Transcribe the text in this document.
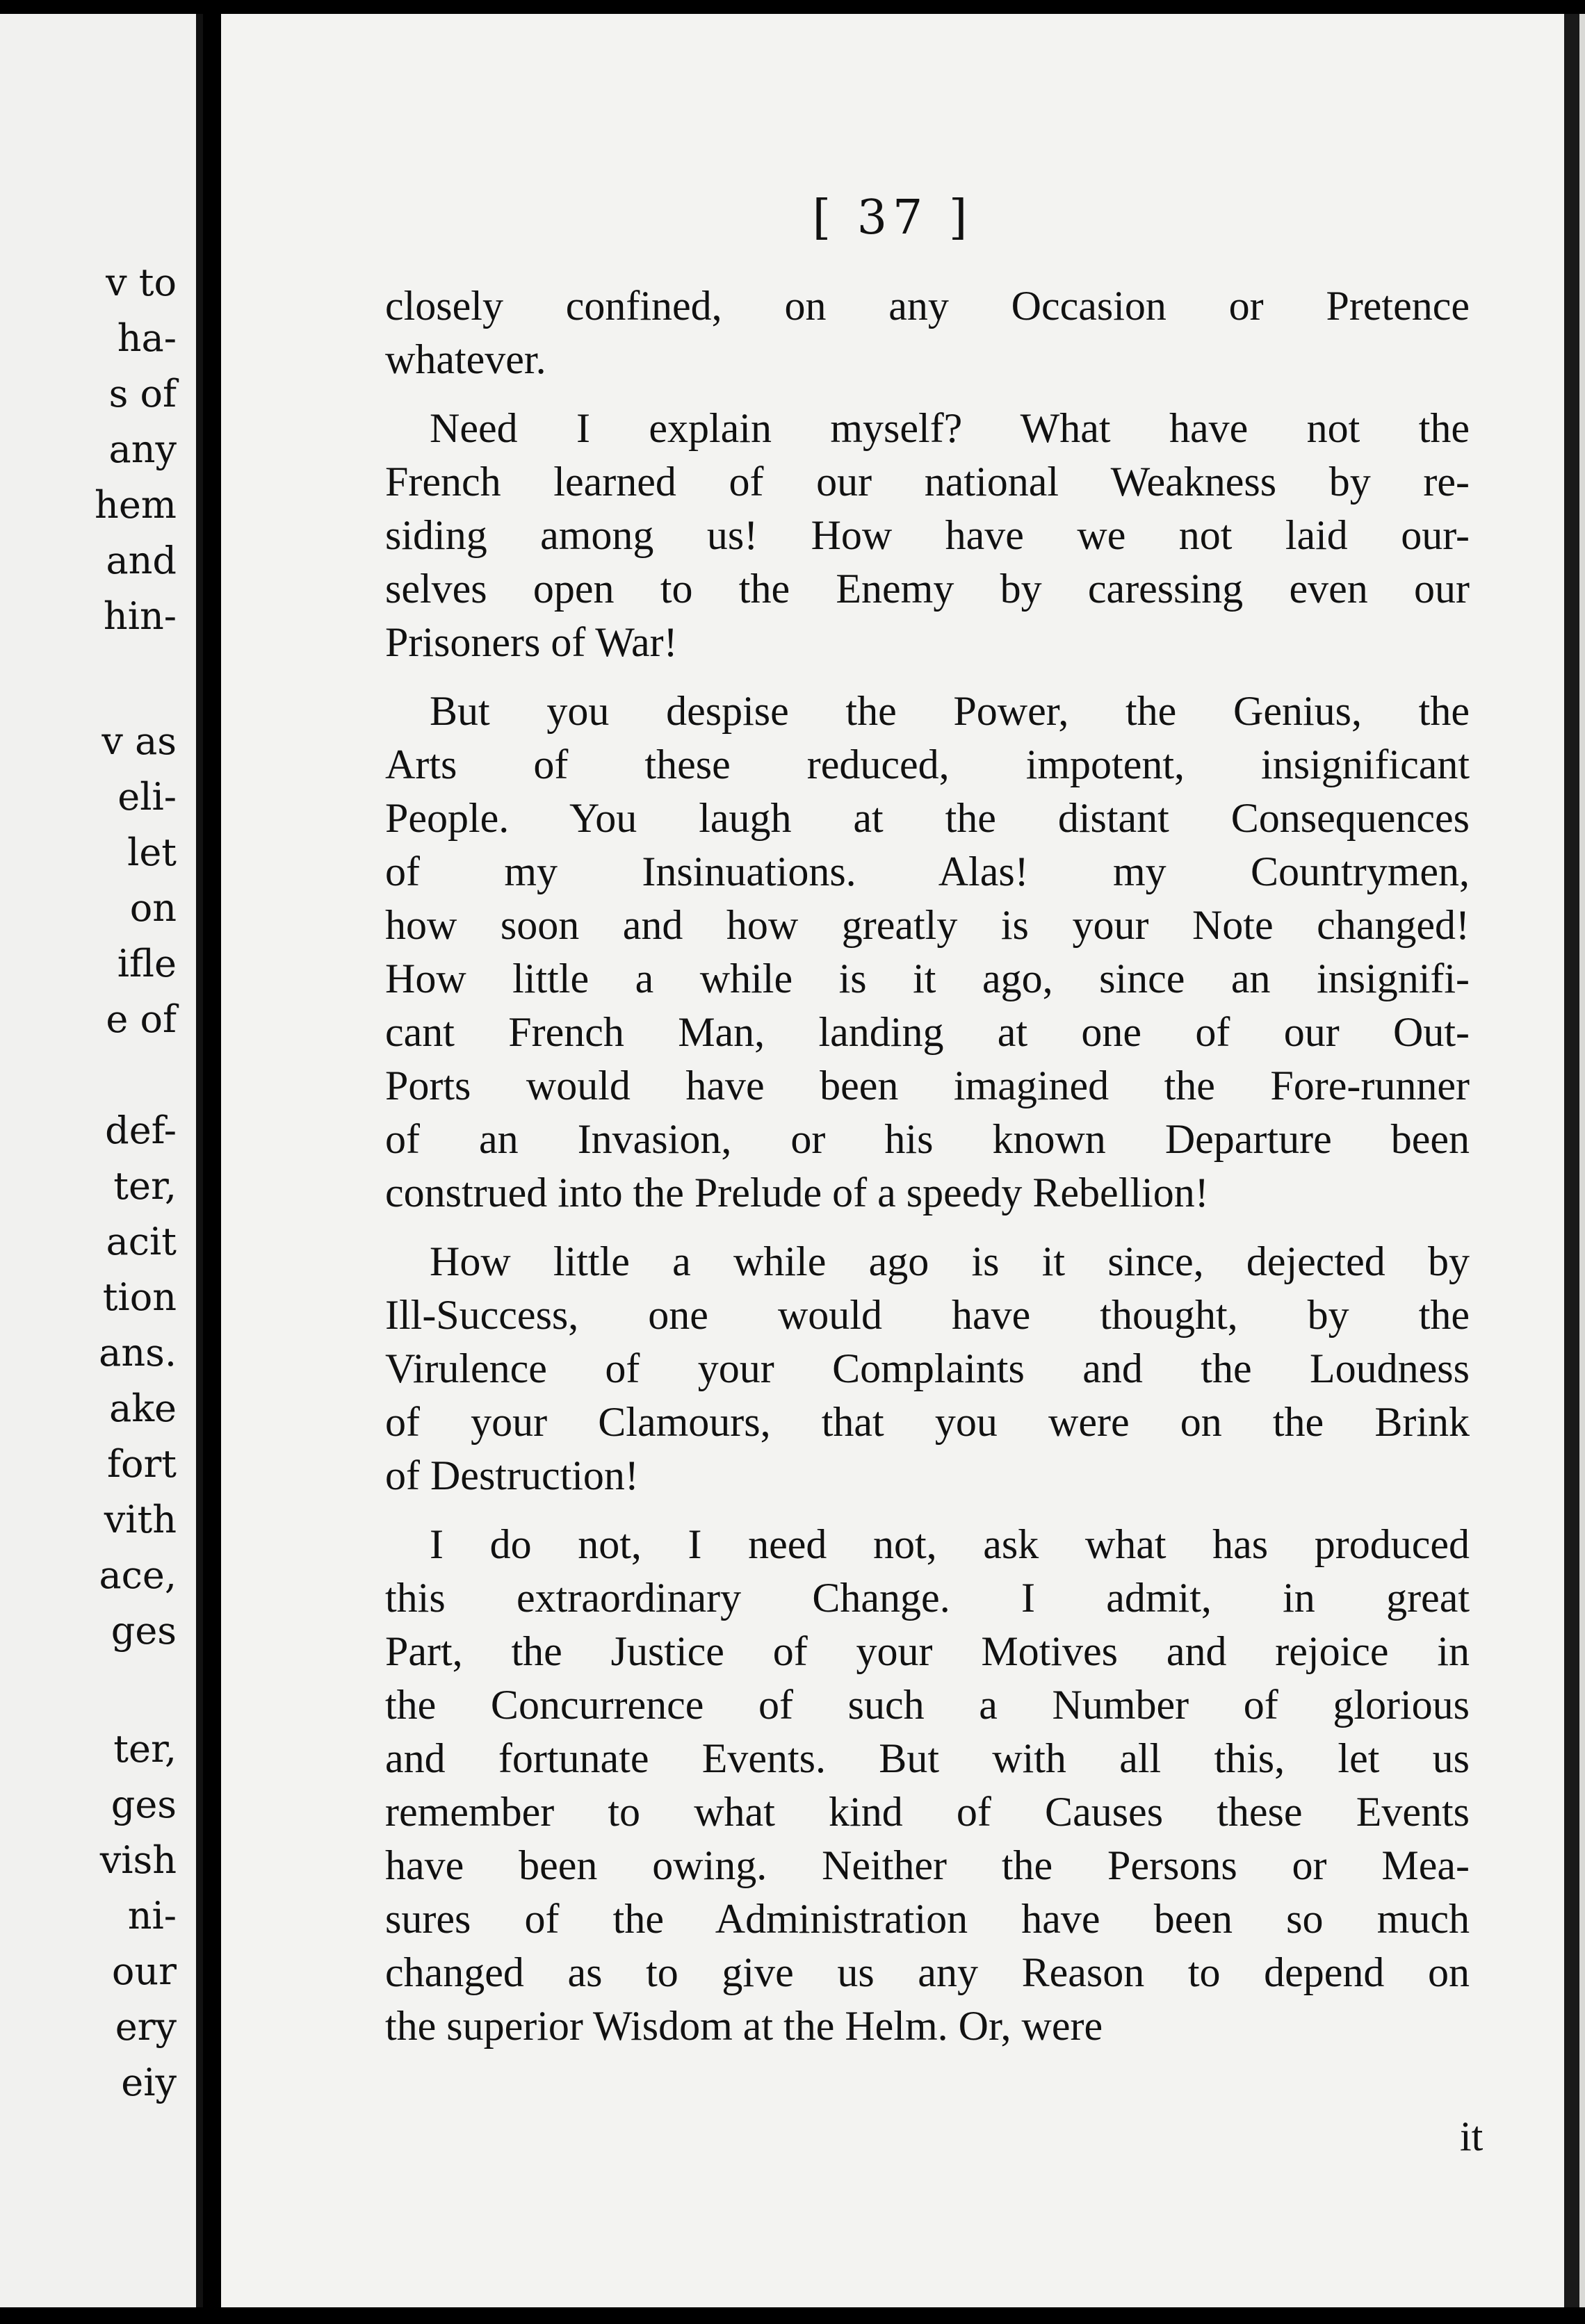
v to
ha-
s of
any
hem
and
hin-
v as
eli-
let
on
ifle
e of
def-
ter,
acit
tion
ans.
ake
fort
vith
ace,
ges
ter,
ges
vish
ni-
our
ery
eiy
[ 37 ]
closely confined, on any Occasion or Pretence
whatever.
Need I explain myself? What have not the
French learned of our national Weakness by re-
siding among us! How have we not laid our-
selves open to the Enemy by caressing even our
Prisoners of War!
But you despise the Power, the Genius, the
Arts of these reduced, impotent, insignificant
People. You laugh at the distant Consequences
of my Insinuations. Alas! my Countrymen,
how soon and how greatly is your Note changed!
How little a while is it ago, since an insignifi-
cant French Man, landing at one of our Out-
Ports would have been imagined the Fore-runner
of an Invasion, or his known Departure been
construed into the Prelude of a speedy Rebellion!
How little a while ago is it since, dejected by
Ill-Success, one would have thought, by the
Virulence of your Complaints and the Loudness
of your Clamours, that you were on the Brink
of Destruction!
I do not, I need not, ask what has produced
this extraordinary Change. I admit, in great
Part, the Justice of your Motives and rejoice in
the Concurrence of such a Number of glorious
and fortunate Events. But with all this, let us
remember to what kind of Causes these Events
have been owing. Neither the Persons or Mea-
sures of the Administration have been so much
changed as to give us any Reason to depend on
the superior Wisdom at the Helm. Or, were
it
